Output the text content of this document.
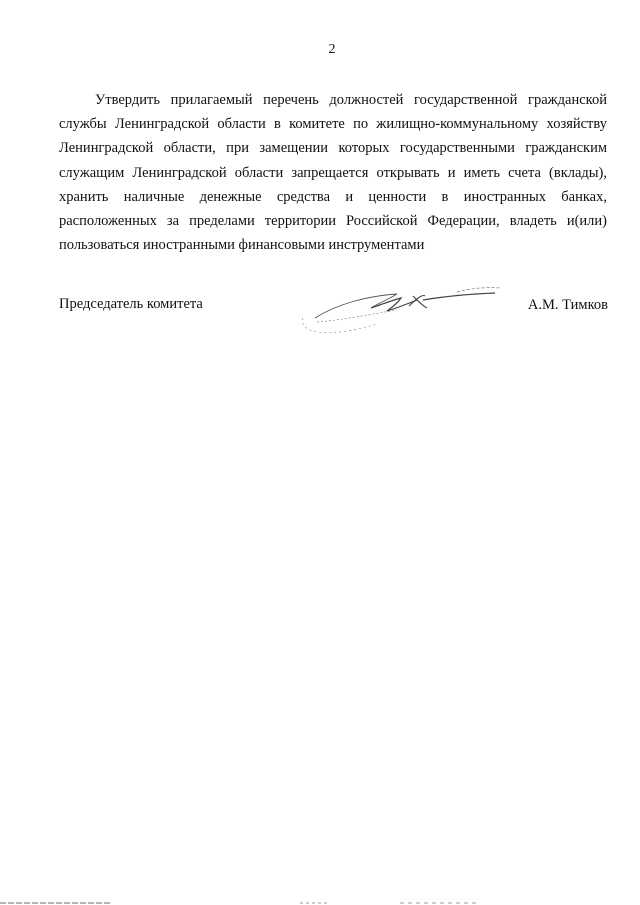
2

Утвердить прилагаемый перечень должностей государственной гражданской службы Ленинградской области в комитете по жилищно-коммунальному хозяйству Ленинградской области, при замещении которых государственными гражданским служащим Ленинградской области запрещается открывать и иметь счета (вклады), хранить наличные денежные средства и ценности в иностранных банках, расположенных за пределами территории Российской Федерации, владеть и(или) пользоваться иностранными финансовыми инструментами

Председатель комитета	А.М. Тимков
